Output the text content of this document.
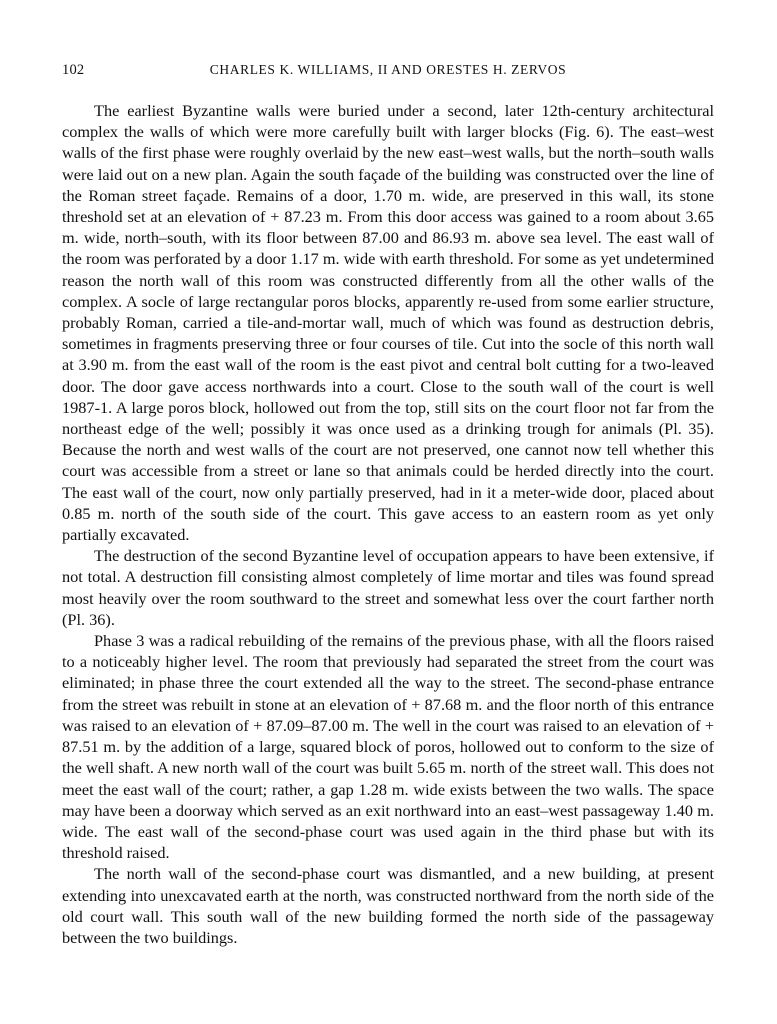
102	CHARLES K. WILLIAMS, II AND ORESTES H. ZERVOS

The earliest Byzantine walls were buried under a second, later 12th-century architectural complex the walls of which were more carefully built with larger blocks (Fig. 6). The east–west walls of the first phase were roughly overlaid by the new east–west walls, but the north–south walls were laid out on a new plan. Again the south façade of the building was constructed over the line of the Roman street façade. Remains of a door, 1.70 m. wide, are preserved in this wall, its stone threshold set at an elevation of + 87.23 m. From this door access was gained to a room about 3.65 m. wide, north–south, with its floor between 87.00 and 86.93 m. above sea level. The east wall of the room was perforated by a door 1.17 m. wide with earth threshold. For some as yet undetermined reason the north wall of this room was constructed differently from all the other walls of the complex. A socle of large rectangular poros blocks, apparently re-used from some earlier structure, probably Roman, carried a tile-and-mortar wall, much of which was found as destruction debris, sometimes in fragments preserving three or four courses of tile. Cut into the socle of this north wall at 3.90 m. from the east wall of the room is the east pivot and central bolt cutting for a two-leaved door. The door gave access northwards into a court. Close to the south wall of the court is well 1987-1. A large poros block, hollowed out from the top, still sits on the court floor not far from the northeast edge of the well; possibly it was once used as a drinking trough for animals (Pl. 35). Because the north and west walls of the court are not preserved, one cannot now tell whether this court was accessible from a street or lane so that animals could be herded directly into the court. The east wall of the court, now only partially preserved, had in it a meter-wide door, placed about 0.85 m. north of the south side of the court. This gave access to an eastern room as yet only partially excavated.

The destruction of the second Byzantine level of occupation appears to have been extensive, if not total. A destruction fill consisting almost completely of lime mortar and tiles was found spread most heavily over the room southward to the street and somewhat less over the court farther north (Pl. 36).

Phase 3 was a radical rebuilding of the remains of the previous phase, with all the floors raised to a noticeably higher level. The room that previously had separated the street from the court was eliminated; in phase three the court extended all the way to the street. The second-phase entrance from the street was rebuilt in stone at an elevation of + 87.68 m. and the floor north of this entrance was raised to an elevation of + 87.09–87.00 m. The well in the court was raised to an elevation of + 87.51 m. by the addition of a large, squared block of poros, hollowed out to conform to the size of the well shaft. A new north wall of the court was built 5.65 m. north of the street wall. This does not meet the east wall of the court; rather, a gap 1.28 m. wide exists between the two walls. The space may have been a doorway which served as an exit northward into an east–west passageway 1.40 m. wide. The east wall of the second-phase court was used again in the third phase but with its threshold raised.

The north wall of the second-phase court was dismantled, and a new building, at present extending into unexcavated earth at the north, was constructed northward from the north side of the old court wall. This south wall of the new building formed the north side of the passageway between the two buildings.
